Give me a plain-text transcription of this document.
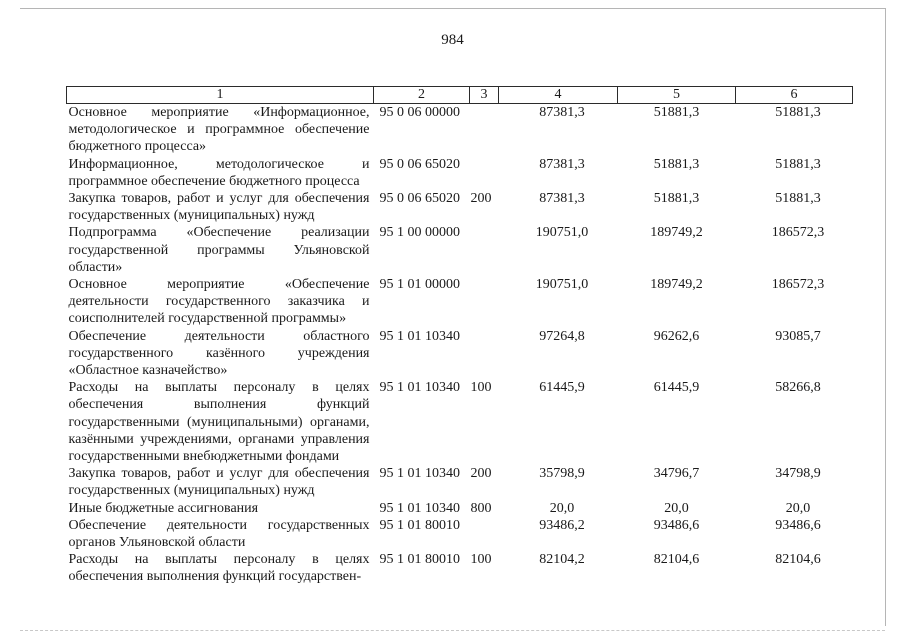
984
1	2	3	4	5	6
Основное мероприятие «Информационное, методологическое и программное обеспечение бюджетного процесса»	95 0 06 00000		87381,3	51881,3	51881,3
Информационное, методологическое и программное обеспечение бюджетного процесса	95 0 06 65020		87381,3	51881,3	51881,3
Закупка товаров, работ и услуг для обеспечения государственных (муниципальных) нужд	95 0 06 65020	200	87381,3	51881,3	51881,3
Подпрограмма «Обеспечение реализации государственной программы Ульяновской области»	95 1 00 00000		190751,0	189749,2	186572,3
Основное мероприятие «Обеспечение деятельности государственного заказчика и соисполнителей государственной программы»	95 1 01 00000		190751,0	189749,2	186572,3
Обеспечение деятельности областного государственного казённого учреждения «Областное казначейство»	95 1 01 10340		97264,8	96262,6	93085,7
Расходы на выплаты персоналу в целях обеспечения выполнения функций государственными (муниципальными) органами, казёнными учреждениями, органами управления государственными внебюджетными фондами	95 1 01 10340	100	61445,9	61445,9	58266,8
Закупка товаров, работ и услуг для обеспечения государственных (муниципальных) нужд	95 1 01 10340	200	35798,9	34796,7	34798,9
Иные бюджетные ассигнования	95 1 01 10340	800	20,0	20,0	20,0
Обеспечение деятельности государственных органов Ульяновской области	95 1 01 80010		93486,2	93486,6	93486,6
Расходы на выплаты персоналу в целях обеспечения выполнения функций государствен-	95 1 01 80010	100	82104,2	82104,6	82104,6
